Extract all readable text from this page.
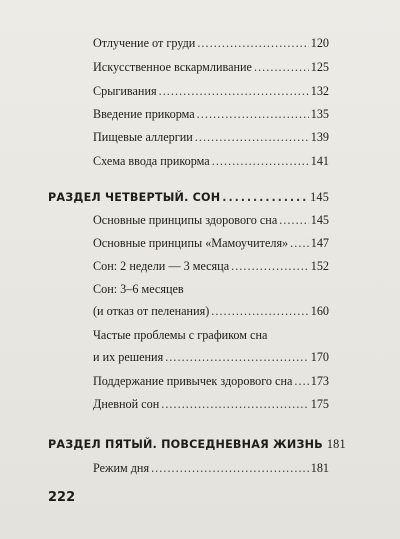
Отлучение от груди . . .	120
Искусственное вскармливание . . .	125
Срыгивания . . .	132
Введение прикорма . . .	135
Пищевые аллергии . . .	139
Схема ввода прикорма . . .	141
РАЗДЕЛ ЧЕТВЕРТЫЙ. СОН . . .	145
Основные принципы здорового сна . . .	145
Основные принципы «Мамоучителя» . . . 147
Сон: 2 недели — 3 месяца . . .	152
Сон: 3–6 месяцев
(и отказ от пеленания) . . .	160
Частые проблемы с графиком сна
и их решения . . .	170
Поддержание привычек здорового сна . . . 173
Дневной сон . . .	175
РАЗДЕЛ ПЯТЫЙ. ПОВСЕДНЕВНАЯ ЖИЗНЬ 181
Режим дня . . .	181
222
